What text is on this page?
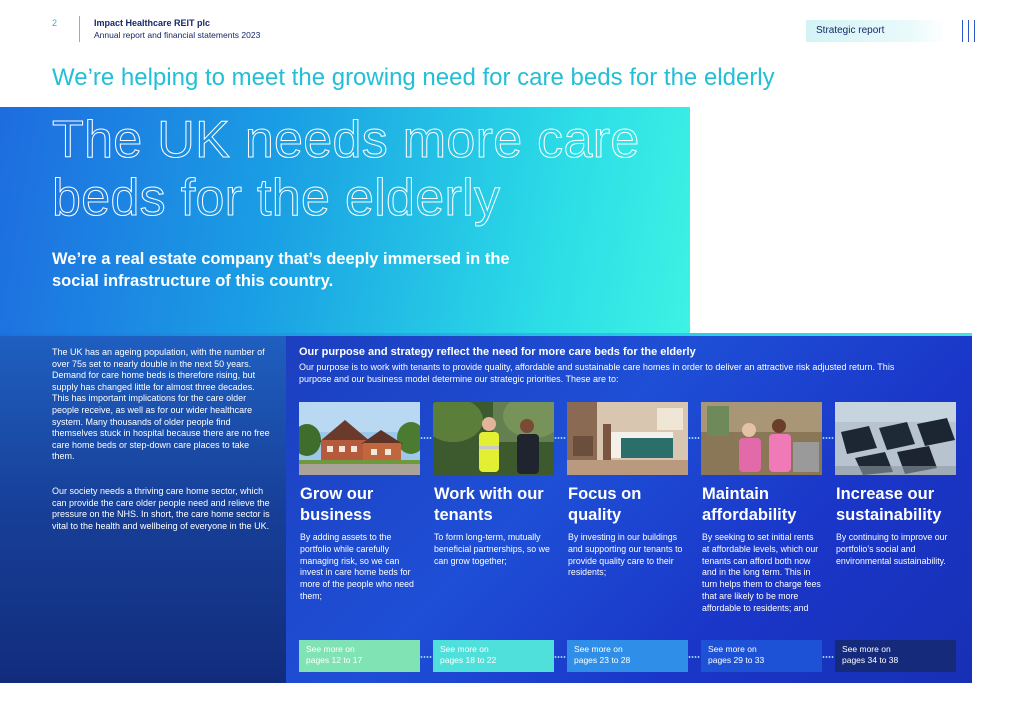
2	Impact Healthcare REIT plc
Annual report and financial statements 2023	Strategic report
We’re helping to meet the growing need for care beds for the elderly
The UK needs more care
beds for the elderly
We’re a real estate company that’s deeply immersed in the social infrastructure of this country.

The UK has an ageing population, with the number of over 75s set to nearly double in the next 50 years. Demand for care home beds is therefore rising, but supply has changed little for almost three decades. This has important implications for the care older people receive, as well as for our wider healthcare system. Many thousands of older people find themselves stuck in hospital because there are no free care home beds or step-down care places to take them.

Our society needs a thriving care home sector, which can provide the care older people need and relieve the pressure on the NHS. In short, the care home sector is vital to the health and wellbeing of everyone in the UK.

Our purpose and strategy reflect the need for more care beds for the elderly
Our purpose is to work with tenants to provide quality, affordable and sustainable care homes in order to deliver an attractive risk adjusted return. This purpose and our business model determine our strategic priorities. These are to:
Grow our business
By adding assets to the portfolio while carefully managing risk, so we can invest in care home beds for more of the people who need them;
See more on
pages 12 to 17
Work with our tenants
To form long-term, mutually beneficial partnerships, so we can grow together;
See more on
pages 18 to 22
Focus on quality
By investing in our buildings and supporting our tenants to provide quality care to their residents;
See more on
pages 23 to 28
Maintain affordability
By seeking to set initial rents at affordable levels, which our tenants can afford both now and in the long term. This in turn helps them to charge fees that are likely to be more affordable to residents; and
See more on
pages 29 to 33
Increase our sustainability
By continuing to improve our portfolio’s social and environmental sustainability.
See more on
pages 34 to 38
